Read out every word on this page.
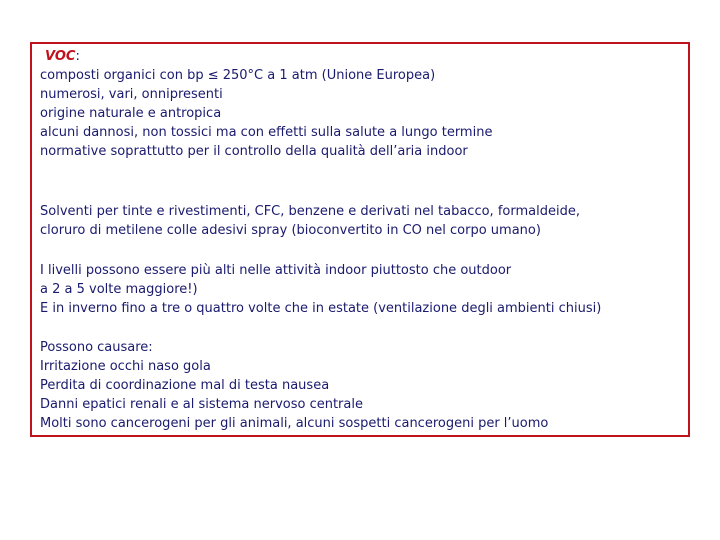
VOC:
composti organici con bp ≤ 250°C a 1 atm (Unione Europea)
numerosi, vari, onnipresenti
origine naturale e antropica
alcuni dannosi, non tossici ma con effetti sulla salute a lungo termine
normative soprattutto per il controllo della qualità dell’aria indoor
Solventi per tinte e rivestimenti, CFC, benzene e derivati nel tabacco, formaldeide,
cloruro di metilene colle adesivi spray (bioconvertito in CO nel corpo umano)
I livelli possono essere più alti nelle attività indoor piuttosto che outdoor
a 2 a 5 volte maggiore!)
E in inverno fino a tre o quattro volte che in estate (ventilazione degli ambienti chiusi)
Possono causare:
Irritazione occhi naso gola
Perdita di coordinazione mal di testa nausea
Danni epatici renali e al sistema nervoso centrale
Molti sono cancerogeni per gli animali, alcuni sospetti cancerogeni per l’uomo
